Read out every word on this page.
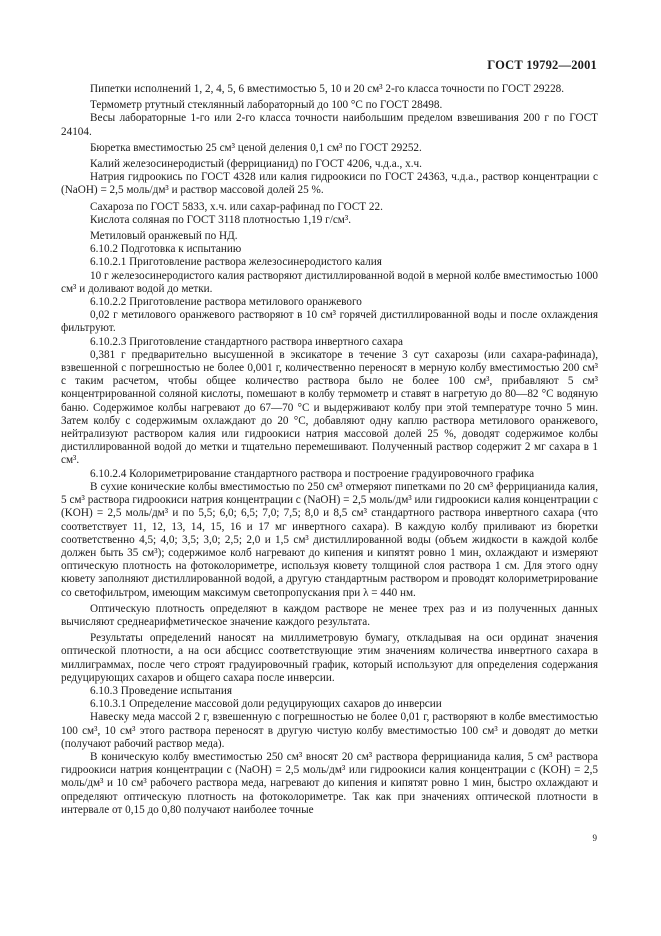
ГОСТ 19792—2001

Пипетки исполнений 1, 2, 4, 5, 6 вместимостью 5, 10 и 20 см³ 2-го класса точности по ГОСТ 29228.

Термометр ртутный стеклянный лабораторный до 100 °С по ГОСТ 28498.

Весы лабораторные 1-го или 2-го класса точности наибольшим пределом взвешивания 200 г по ГОСТ 24104.

Бюретка вместимостью 25 см³ ценой деления 0,1 см³ по ГОСТ 29252.

Калий железосинеродистый (феррицианид) по ГОСТ 4206, ч.д.а., х.ч.

Натрия гидроокись по ГОСТ 4328 или калия гидроокиси по ГОСТ 24363, ч.д.а., раствор концентрации c (NaOH) = 2,5 моль/дм³ и раствор массовой долей 25 %.

Сахароза по ГОСТ 5833, х.ч. или сахар-рафинад по ГОСТ 22.

Кислота соляная по ГОСТ 3118 плотностью 1,19 г/см³.

Метиловый оранжевый по НД.

6.10.2 Подготовка к испытанию

6.10.2.1 Приготовление раствора железосинеродистого калия

10 г железосинеродистого калия растворяют дистиллированной водой в мерной колбе вместимостью 1000 см³ и доливают водой до метки.

6.10.2.2 Приготовление раствора метилового оранжевого

0,02 г метилового оранжевого растворяют в 10 см³ горячей дистиллированной воды и после охлаждения фильтруют.

6.10.2.3 Приготовление стандартного раствора инвертного сахара

0,381 г предварительно высушенной в эксикаторе в течение 3 сут сахарозы (или сахара-рафинада), взвешенной с погрешностью не более 0,001 г, количественно переносят в мерную колбу вместимостью 200 см³ с таким расчетом, чтобы общее количество раствора было не более 100 см³, прибавляют 5 см³ концентрированной соляной кислоты, помешают в колбу термометр и ставят в нагретую до 80—82 °С водяную баню. Содержимое колбы нагревают до 67—70 °С и выдерживают колбу при этой температуре точно 5 мин. Затем колбу с содержимым охлаждают до 20 °С, добавляют одну каплю раствора метилового оранжевого, нейтрализуют раствором калия или гидроокиси натрия массовой долей 25 %, доводят содержимое колбы дистиллированной водой до метки и тщательно перемешивают. Полученный раствор содержит 2 мг сахара в 1 см³.

6.10.2.4 Колориметрирование стандартного раствора и построение градуировочного графика

В сухие конические колбы вместимостью по 250 см³ отмеряют пипетками по 20 см³ феррицианида калия, 5 см³ раствора гидроокиси натрия концентрации c (NaOH) = 2,5 моль/дм³ или гидроокиси калия концентрации c (KOH) = 2,5 моль/дм³ и по 5,5; 6,0; 6,5; 7,0; 7,5; 8,0 и 8,5 см³ стандартного раствора инвертного сахара (что соответствует 11, 12, 13, 14, 15, 16 и 17 мг инвертного сахара). В каждую колбу приливают из бюретки соответственно 4,5; 4,0; 3,5; 3,0; 2,5; 2,0 и 1,5 см³ дистиллированной воды (объем жидкости в каждой колбе должен быть 35 см³); содержимое колб нагревают до кипения и кипятят ровно 1 мин, охлаждают и измеряют оптическую плотность на фотоколориметре, используя кювету толщиной слоя раствора 1 см. Для этого одну кювету заполняют дистиллированной водой, а другую стандартным раствором и проводят колориметрирование со светофильтром, имеющим максимум светопропускания при λ = 440 нм.

Оптическую плотность определяют в каждом растворе не менее трех раз и из полученных данных вычисляют среднеарифметическое значение каждого результата.

Результаты определений наносят на миллиметровую бумагу, откладывая на оси ординат значения оптической плотности, а на оси абсцисс соответствующие этим значениям количества инвертного сахара в миллиграммах, после чего строят градуировочный график, который используют для определения содержания редуцирующих сахаров и общего сахара после инверсии.

6.10.3 Проведение испытания

6.10.3.1 Определение массовой доли редуцирующих сахаров до инверсии

Навеску меда массой 2 г, взвешенную с погрешностью не более 0,01 г, растворяют в колбе вместимостью 100 см³, 10 см³ этого раствора переносят в другую чистую колбу вместимостью 100 см³ и доводят до метки (получают рабочий раствор меда).

В коническую колбу вместимостью 250 см³ вносят 20 см³ раствора феррицианида калия, 5 см³ раствора гидроокиси натрия концентрации c (NaOH) = 2,5 моль/дм³ или гидроокиси калия концентрации c (KOH) = 2,5 моль/дм³ и 10 см³ рабочего раствора меда, нагревают до кипения и кипятят ровно 1 мин, быстро охлаждают и определяют оптическую плотность на фотоколориметре. Так как при значениях оптической плотности в интервале от 0,15 до 0,80 получают наиболее точные

9
